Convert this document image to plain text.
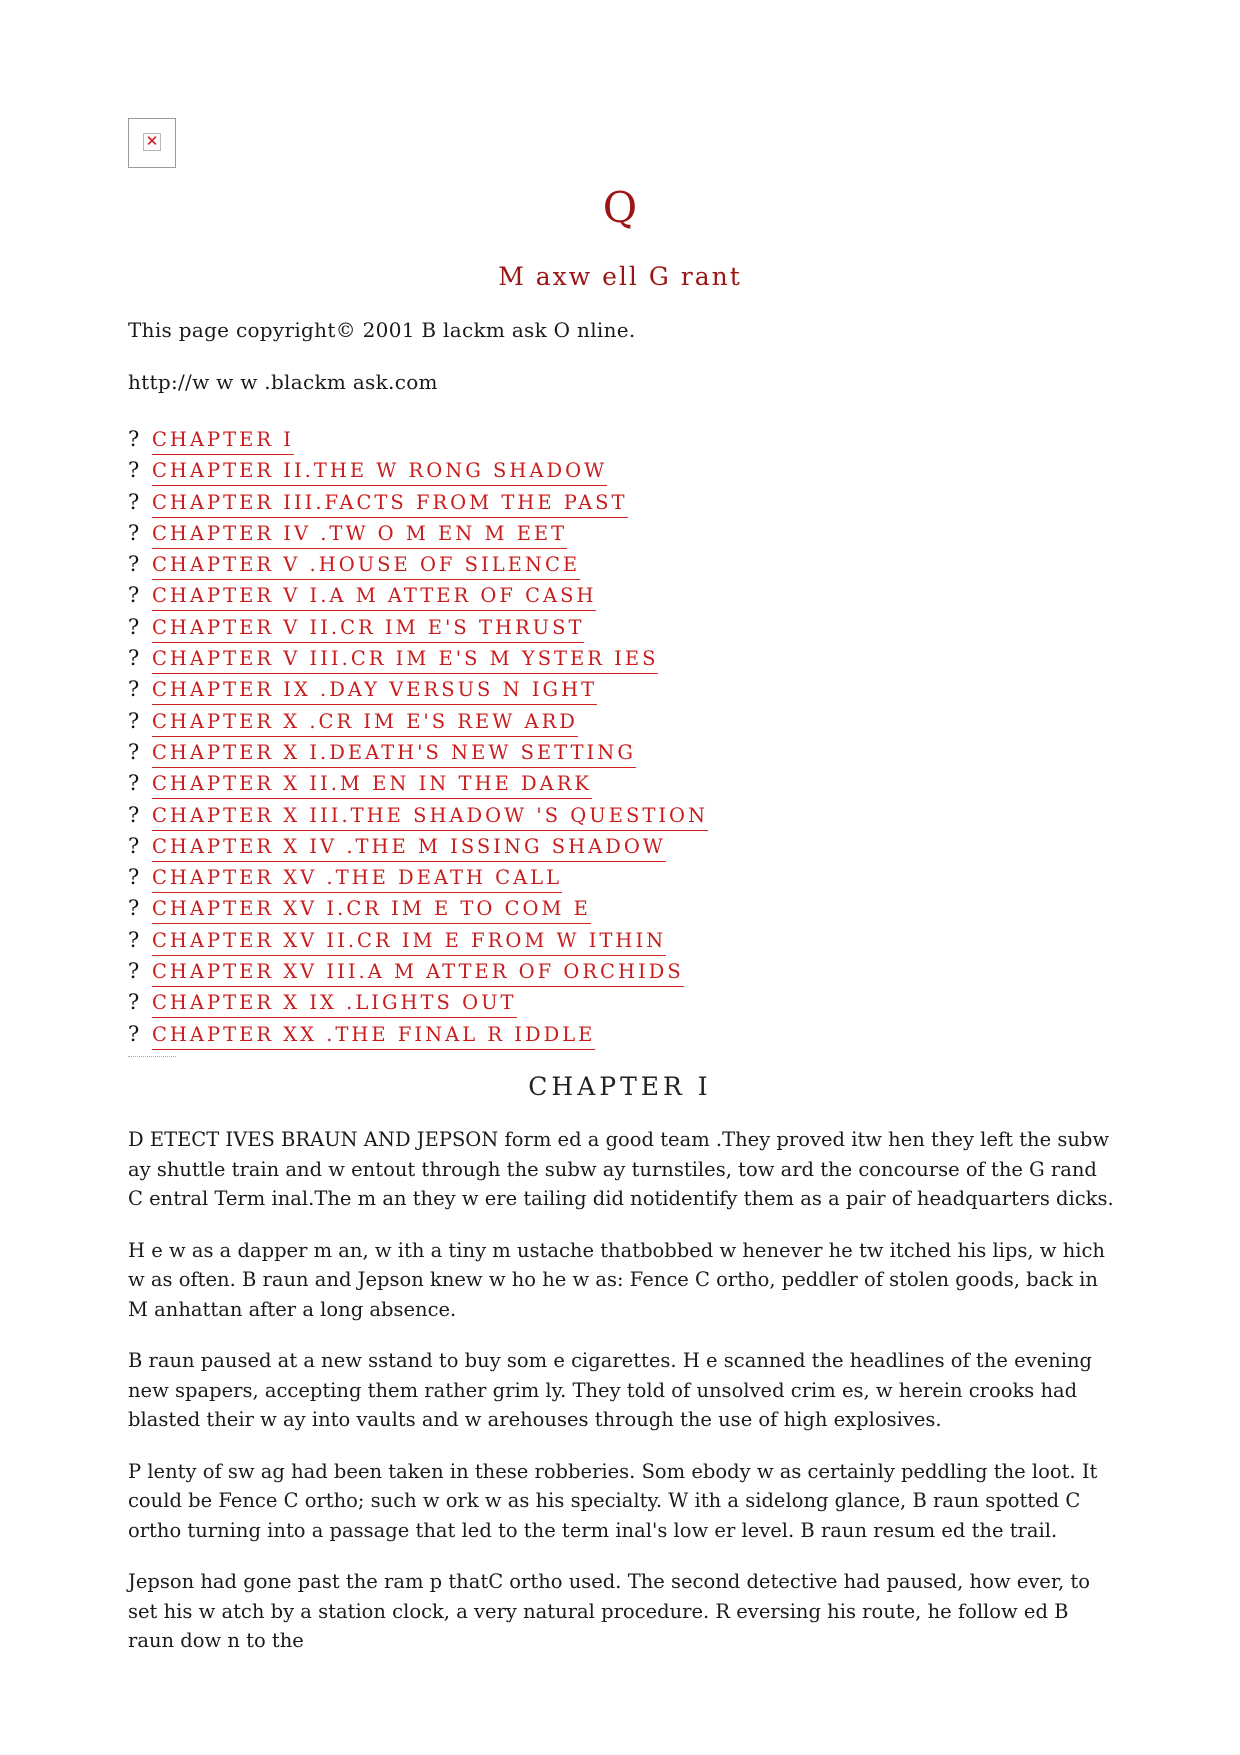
✕
Q
M axw ell G rant
This page copyright© 2001 B lackm ask O nline.
http://w w w .blackm ask.com
? CHAPTER I
? CHAPTER II.THE W RONG SHADOW
? CHAPTER III.FACTS FROM THE PAST
? CHAPTER IV .TW O M EN M EET
? CHAPTER V .HOUSE OF SILENCE
? CHAPTER V I.A M ATTER OF CASH
? CHAPTER V II.CR IM E'S THRUST
? CHAPTER V III.CR IM E'S M YSTER IES
? CHAPTER IX .DAY VERSUS N IGHT
? CHAPTER X .CR IM E'S REW ARD
? CHAPTER X I.DEATH'S NEW SETTING
? CHAPTER X II.M EN IN THE DARK
? CHAPTER X III.THE SHADOW 'S QUESTION
? CHAPTER X IV .THE M ISSING SHADOW
? CHAPTER XV .THE DEATH CALL
? CHAPTER XV I.CR IM E TO COM E
? CHAPTER XV II.CR IM E FROM W ITHIN
? CHAPTER XV III.A M ATTER OF ORCHIDS
? CHAPTER X IX .LIGHTS OUT
? CHAPTER XX .THE FINAL R IDDLE
CHAPTER I

D ETECT IVES BRAUN AND JEPSON form ed a good team .They proved itw hen they left the subw ay shuttle train and w entout through the subw ay turnstiles, tow ard the concourse of the G rand C entral Term inal.The m an they w ere tailing did notidentify them as a pair of headquarters dicks.

H e w as a dapper m an, w ith a tiny m ustache thatbobbed w henever he tw itched his lips, w hich w as often. B raun and Jepson knew w ho he w as: Fence C ortho, peddler of stolen goods, back in M anhattan after a long absence.

B raun paused at a new sstand to buy som e cigarettes. H e scanned the headlines of the evening new spapers, accepting them rather grim ly. They told of unsolved crim es, w herein crooks had blasted their w ay into vaults and w arehouses through the use of high explosives.

P lenty of sw ag had been taken in these robberies. Som ebody w as certainly peddling the loot. It could be Fence C ortho; such w ork w as his specialty. W ith a sidelong glance, B raun spotted C ortho turning into a passage that led to the term inal's low er level. B raun resum ed the trail.

Jepson had gone past the ram p thatC ortho used. The second detective had paused, how ever, to set his w atch by a station clock, a very natural procedure. R eversing his route, he follow ed B raun dow n to the
